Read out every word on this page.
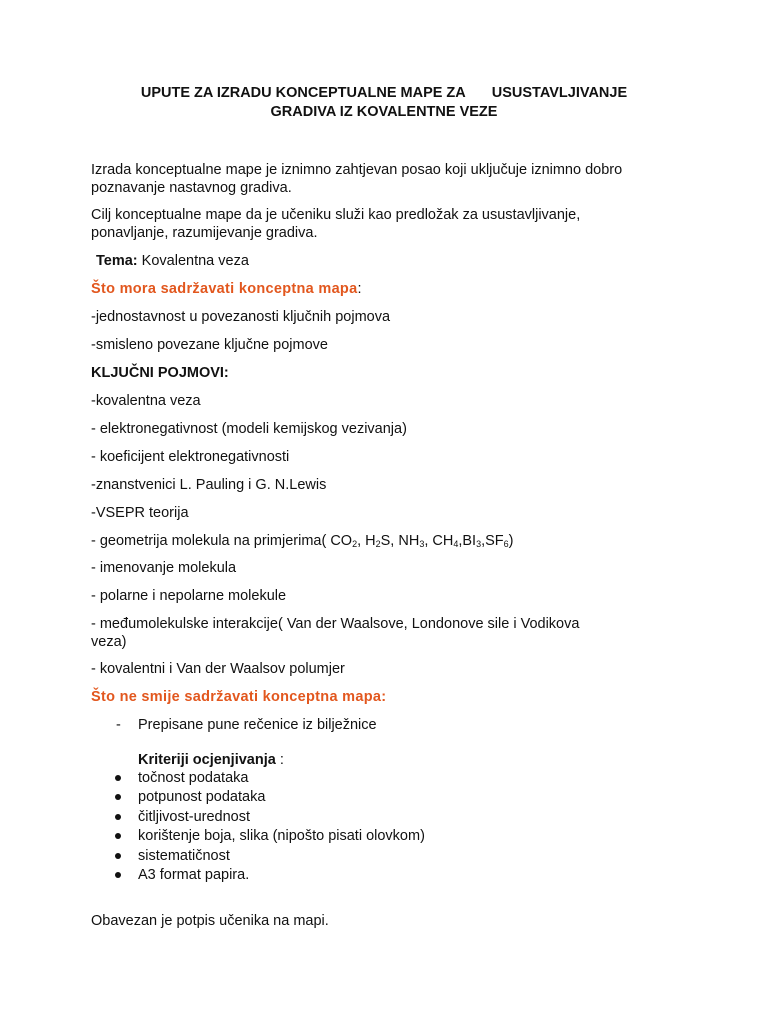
UPUTE ZA IZRADU KONCEPTUALNE MAPE ZA USUSTAVLJIVANJE
GRADIVA IZ KOVALENTNE VEZE
Izrada konceptualne mape je iznimno zahtjevan posao koji uključuje iznimno dobro
poznavanje nastavnog gradiva.
Cilj konceptualne mape da je učeniku služi kao predložak za usustavljivanje,
ponavljanje, razumijevanje gradiva.
Tema: Kovalentna veza
Što mora sadržavati konceptna mapa:
-jednostavnost u povezanosti ključnih pojmova
-smisleno povezane ključne pojmove
KLJUČNI POJMOVI:
-kovalentna veza
- elektronegativnost (modeli kemijskog vezivanja)
- koeficijent elektronegativnosti
-znanstvenici L. Pauling i G. N.Lewis
-VSEPR teorija
- geometrija molekula na primjerima( $CO_2$, $H_2S$, $NH_3$, $CH_4,BI_3,SF_6$)
- imenovanje molekula
- polarne i nepolarne molekule
- međumolekulske interakcije( Van der Waalsove, Londonove sile i Vodikova
veza)
- kovalentni i Van der Waalsov polumjer
Što ne smije sadržavati konceptna mapa:
- Prepisane pune rečenice iz bilježnice
Kriteriji ocjenjivanja :
točnost podataka
potpunost podataka
čitljivost-urednost
korištenje boja, slika (nipošto pisati olovkom)
sistematičnost
A3 format papira.
Obavezan je potpis učenika na mapi.
